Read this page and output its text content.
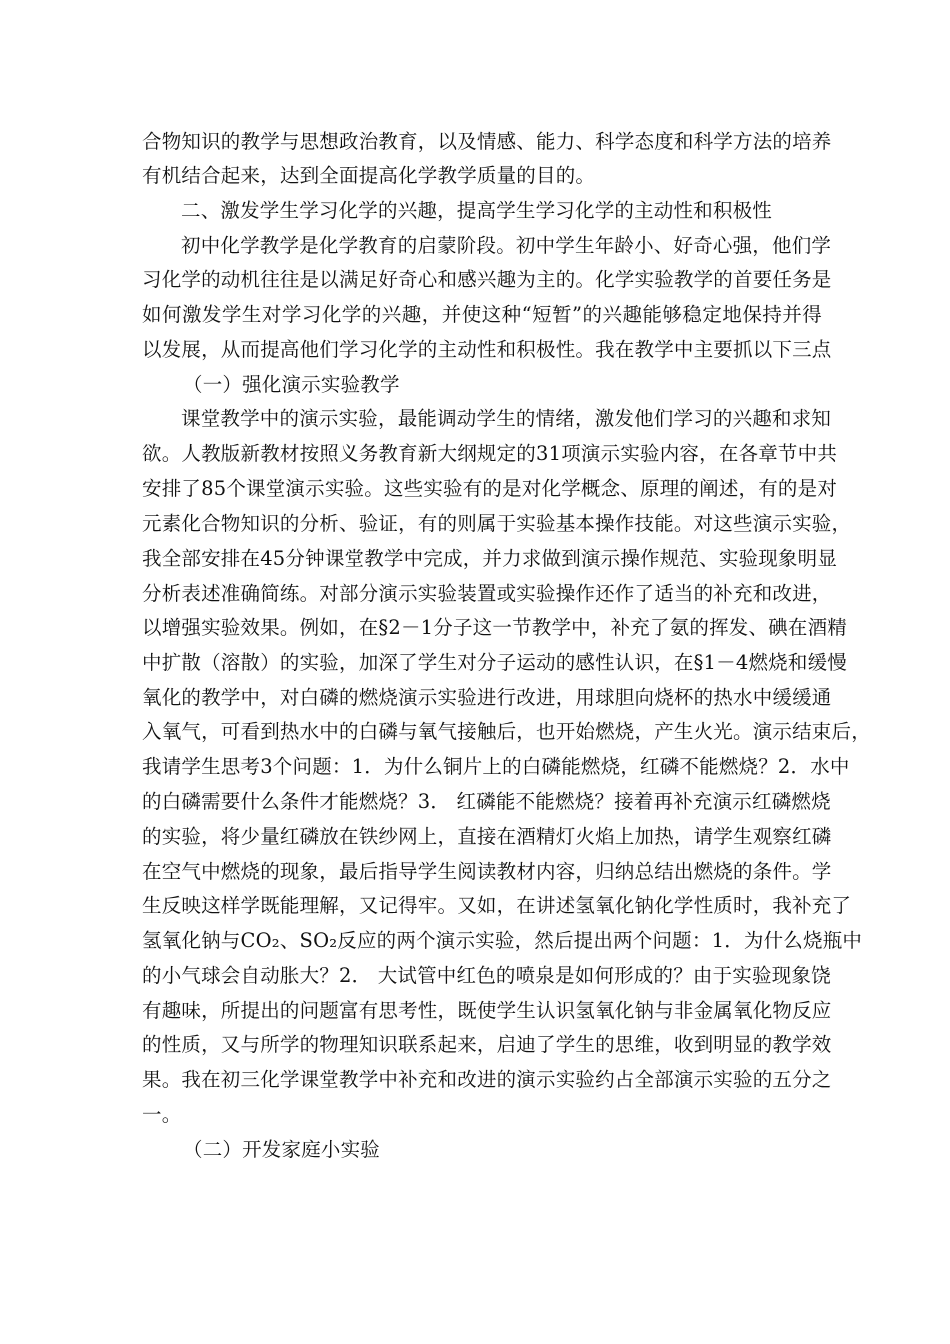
合物知识的教学与思想政治教育，以及情感、能力、科学态度和科学方法的培养
有机结合起来，达到全面提高化学教学质量的目的。
二、激发学生学习化学的兴趣，提高学生学习化学的主动性和积极性
初中化学教学是化学教育的启蒙阶段。初中学生年龄小、好奇心强，他们学
习化学的动机往往是以满足好奇心和感兴趣为主的。化学实验教学的首要任务是
如何激发学生对学习化学的兴趣，并使这种“短暂”的兴趣能够稳定地保持并得
以发展，从而提高他们学习化学的主动性和积极性。我在教学中主要抓以下三点
（一）强化演示实验教学
课堂教学中的演示实验，最能调动学生的情绪，激发他们学习的兴趣和求知
欲。人教版新教材按照义务教育新大纲规定的31项演示实验内容，在各章节中共
安排了85个课堂演示实验。这些实验有的是对化学概念、原理的阐述，有的是对
元素化合物知识的分析、验证，有的则属于实验基本操作技能。对这些演示实验，
我全部安排在45分钟课堂教学中完成，并力求做到演示操作规范、实验现象明显
分析表述准确简练。对部分演示实验装置或实验操作还作了适当的补充和改进，
以增强实验效果。例如，在§2－1分子这一节教学中，补充了氨的挥发、碘在酒精
中扩散（溶散）的实验，加深了学生对分子运动的感性认识，在§1－4燃烧和缓慢
氧化的教学中，对白磷的燃烧演示实验进行改进，用球胆向烧杯的热水中缓缓通
入氧气，可看到热水中的白磷与氧气接触后，也开始燃烧，产生火光。演示结束后，
我请学生思考3个问题：1．为什么铜片上的白磷能燃烧，红磷不能燃烧？2．水中
的白磷需要什么条件才能燃烧？3． 红磷能不能燃烧？接着再补充演示红磷燃烧
的实验，将少量红磷放在铁纱网上，直接在酒精灯火焰上加热，请学生观察红磷
在空气中燃烧的现象，最后指导学生阅读教材内容，归纳总结出燃烧的条件。学
生反映这样学既能理解，又记得牢。又如，在讲述氢氧化钠化学性质时，我补充了
氢氧化钠与CO₂、SO₂反应的两个演示实验，然后提出两个问题：1．为什么烧瓶中
的小气球会自动胀大？2． 大试管中红色的喷泉是如何形成的？由于实验现象饶
有趣味，所提出的问题富有思考性，既使学生认识氢氧化钠与非金属氧化物反应
的性质，又与所学的物理知识联系起来，启迪了学生的思维，收到明显的教学效
果。我在初三化学课堂教学中补充和改进的演示实验约占全部演示实验的五分之
一。
（二）开发家庭小实验
